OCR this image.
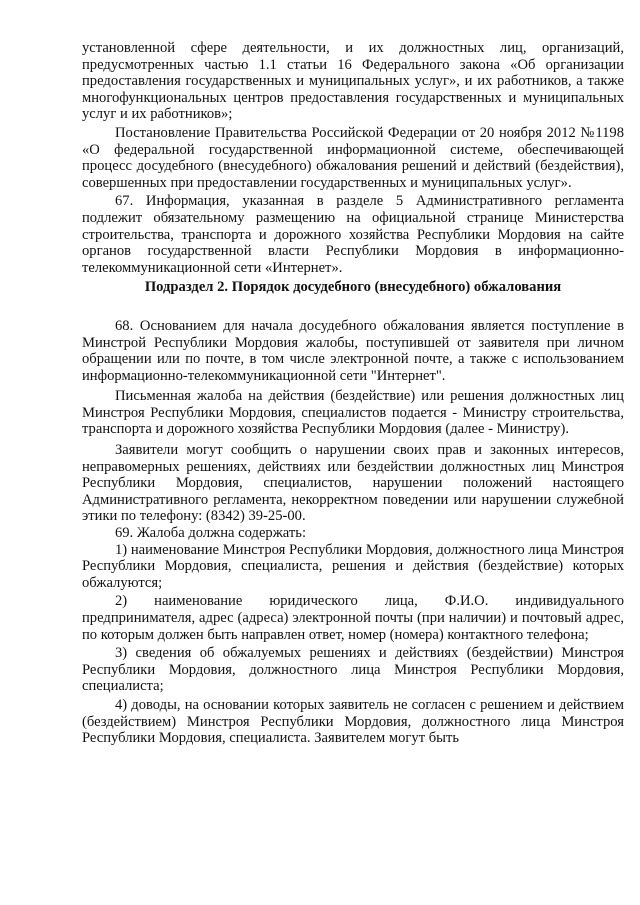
установленной сфере деятельности, и их должностных лиц, организаций, предусмотренных частью 1.1 статьи 16 Федерального закона «Об организации предоставления государственных и муниципальных услуг», и их работников, а также многофункциональных центров предоставления государственных и муниципальных услуг и их работников»;

Постановление Правительства Российской Федерации от 20 ноября 2012 №1198 «О федеральной государственной информационной системе, обеспечивающей процесс досудебного (внесудебного) обжалования решений и действий (бездействия), совершенных при предоставлении государственных и муниципальных услуг».

67. Информация, указанная в разделе 5 Административного регламента подлежит обязательному размещению на официальной странице Министерства строительства, транспорта и дорожного хозяйства Республики Мордовия на сайте органов государственной власти Республики Мордовия в информационно-телекоммуникационной сети «Интернет».

Подраздел 2. Порядок досудебного (внесудебного) обжалования

68. Основанием для начала досудебного обжалования является поступление в Минстрой Республики Мордовия жалобы, поступившей от заявителя при личном обращении или по почте, в том числе электронной почте, а также с использованием информационно-телекоммуникационной сети "Интернет".

Письменная жалоба на действия (бездействие) или решения должностных лиц Минстроя Республики Мордовия, специалистов подается - Министру строительства, транспорта и дорожного хозяйства Республики Мордовия (далее - Министру).

Заявители могут сообщить о нарушении своих прав и законных интересов, неправомерных решениях, действиях или бездействии должностных лиц Минстроя Республики Мордовия, специалистов, нарушении положений настоящего Административного регламента, некорректном поведении или нарушении служебной этики по телефону: (8342) 39-25-00.

69. Жалоба должна содержать:

1) наименование Минстроя Республики Мордовия, должностного лица Минстроя Республики Мордовия, специалиста, решения и действия (бездействие) которых обжалуются;

2) наименование юридического лица, Ф.И.О. индивидуального предпринимателя, адрес (адреса) электронной почты (при наличии) и почтовый адрес, по которым должен быть направлен ответ, номер (номера) контактного телефона;

3) сведения об обжалуемых решениях и действиях (бездействии) Минстроя Республики Мордовия, должностного лица Минстроя Республики Мордовия, специалиста;

4) доводы, на основании которых заявитель не согласен с решением и действием (бездействием) Минстроя Республики Мордовия, должностного лица Минстроя Республики Мордовия, специалиста. Заявителем могут быть
